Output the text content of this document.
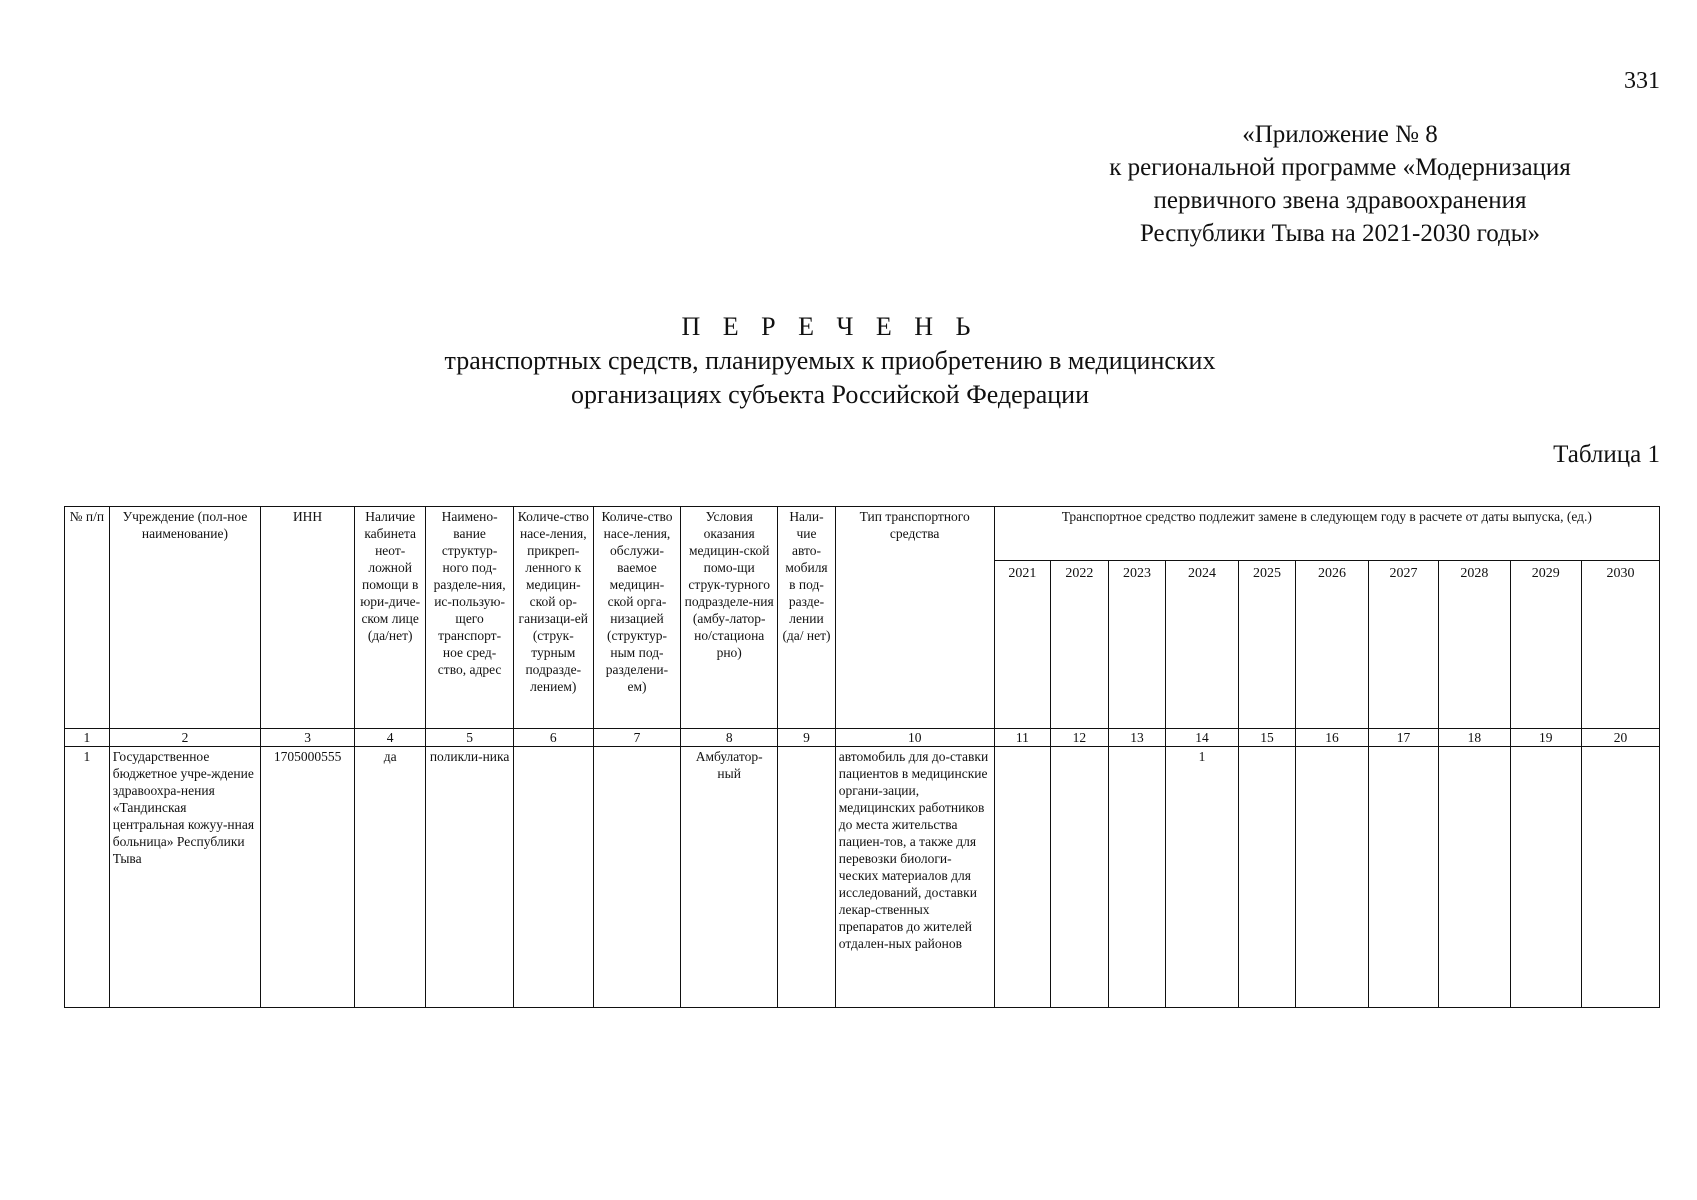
331
«Приложение № 8
к региональной программе «Модернизация
первичного звена здравоохранения
Республики Тыва на 2021-2030 годы»
П Е Р Е Ч Е Н Ь
транспортных средств, планируемых к приобретению в медицинских
организациях субъекта Российской Федерации
Таблица 1
№ п/п	Учреждение (пол-ное наименование)	ИНН	Наличие кабинета неот-ложной помощи в юри-диче-ском лице (да/нет)	Наимено-вание структур-ного под-разделе-ния, ис-пользую-щего транспорт-ное сред-ство, адрес	Количе-ство насе-ления, прикреп-ленного к медицин-ской ор-ганизаци-ей (струк-турным подразде-лением)	Количе-ство насе-ления, обслужи-ваемое медицин-ской орга-низацией (структур-ным под-разделени-ем)	Условия оказания медицин-ской помо-щи струк-турного подразделе-ния (амбу-латор-но/стациона рно)	Нали-чие авто-мобиля в под-разде-лении (да/ нет)	Тип транспортного средства	Транспортное средство подлежит замене в следующем году в расчете от даты выпуска, (ед.)									
										2021	2022	2023	2024	2025	2026	2027	2028	2029	2030
1	2	3	4	5	6	7	8	9	10	11	12	13	14	15	16	17	18	19	20
1	Государственное бюджетное учре-ждение здравоохра-нения «Тандинская центральная кожуу-нная больница» Республики Тыва	1705000555	да	поликли-ника			Амбулатор-ный		автомобиль для до-ставки пациентов в медицинские органи-зации, медицинских работников до места жительства пациен-тов, а также для перевозки биологи-ческих материалов для исследований, доставки лекар-ственных препаратов до жителей отдален-ных районов				1						
